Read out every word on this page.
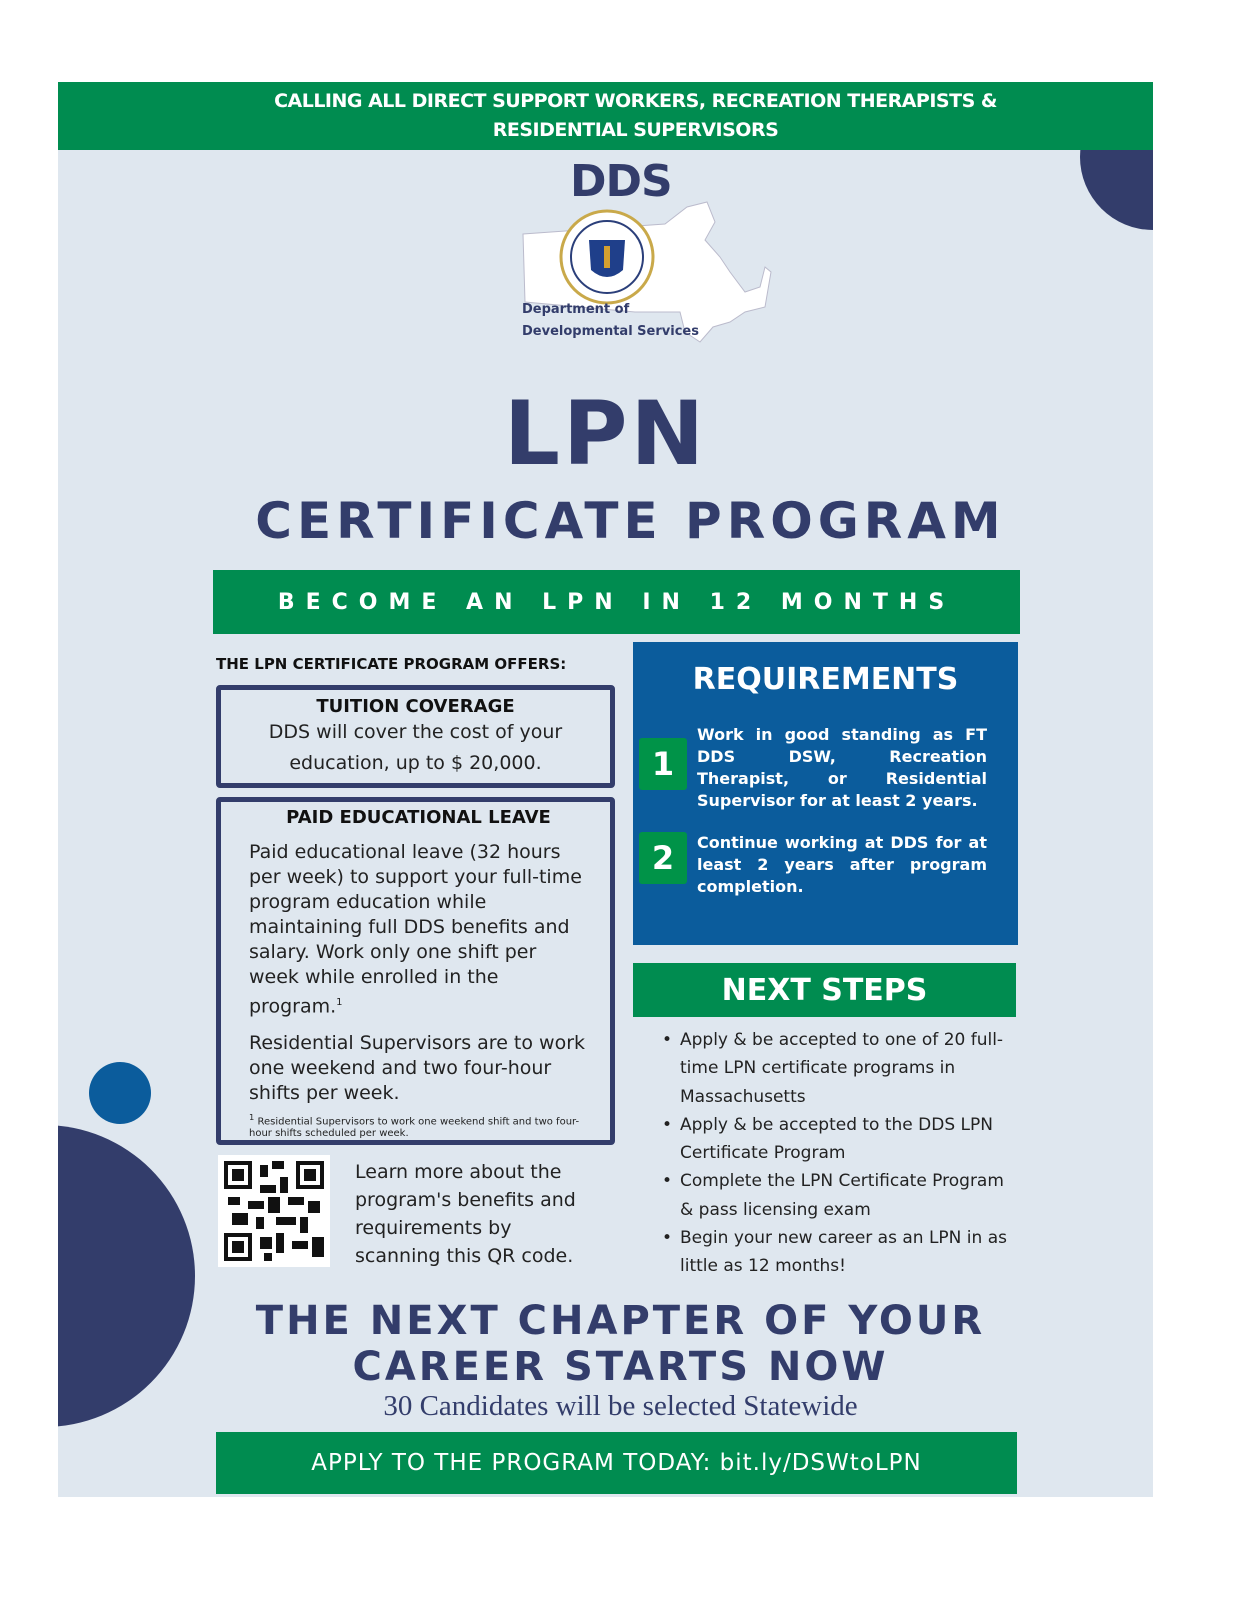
CALLING ALL DIRECT SUPPORT WORKERS, RECREATION THERAPISTS &
RESIDENTIAL SUPERVISORS
DDS
Department of
Developmental Services
LPN
CERTIFICATE PROGRAM
BECOME AN LPN IN 12 MONTHS
THE LPN CERTIFICATE PROGRAM OFFERS:
TUITION COVERAGE

DDS will cover the cost of your education, up to $ 20,000.

PAID EDUCATIONAL LEAVE

Paid educational leave (32 hours per week) to support your full-time program education while maintaining full DDS benefits and salary. Work only one shift per week while enrolled in the program.$^1$

Residential Supervisors are to work one weekend and two four-hour shifts per week.

$^1$ Residential Supervisors to work one weekend shift and two four-hour shifts scheduled per week.
Learn more about the program's benefits and requirements by scanning this QR code.
REQUIREMENTS
1

Work in good standing as FT DDS DSW, Recreation Therapist, or Residential Supervisor for at least 2 years.

2	Continue working at DDS for at least 2 years after program completion.

NEXT STEPS
• Apply & be accepted to one of 20 full-time LPN certificate programs in Massachusetts
• Apply & be accepted to the DDS LPN Certificate Program
• Complete the LPN Certificate Program & pass licensing exam
• Begin your new career as an LPN in as little as 12 months!
THE NEXT CHAPTER OF YOUR
CAREER STARTS NOW
30 Candidates will be selected Statewide
APPLY TO THE PROGRAM TODAY: bit.ly/DSWtoLPN
